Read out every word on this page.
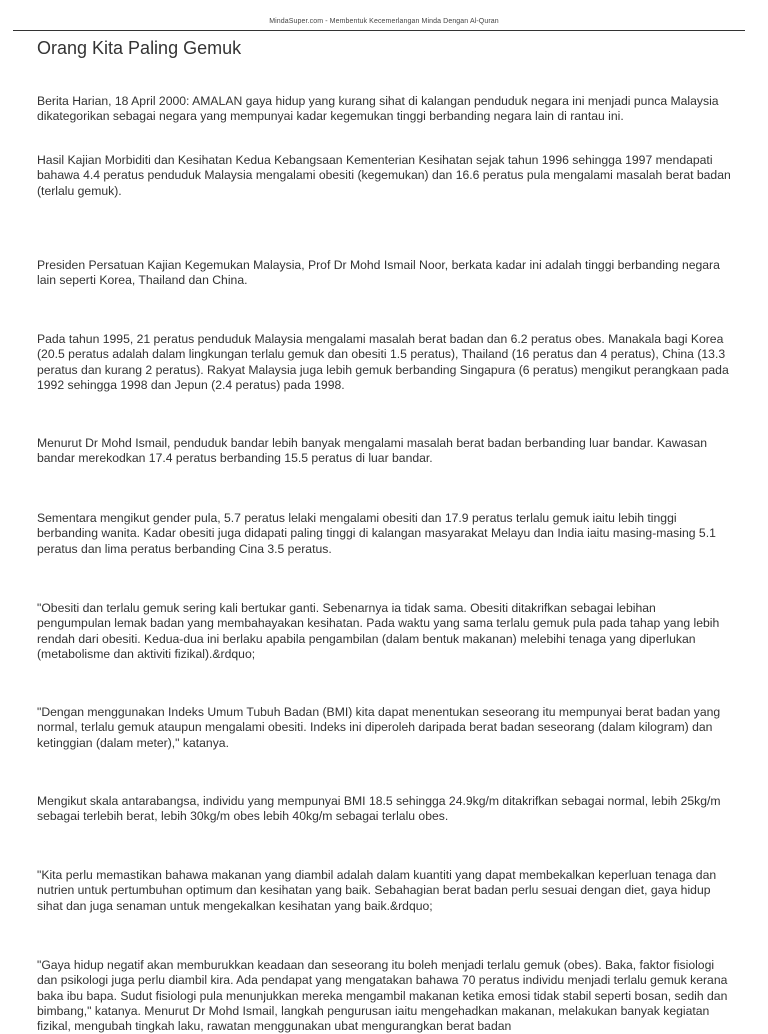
MindaSuper.com - Membentuk Kecemerlangan Minda Dengan Al-Quran
Orang Kita Paling Gemuk

Berita Harian, 18 April 2000: AMALAN gaya hidup yang kurang sihat di kalangan penduduk negara ini menjadi punca Malaysia dikategorikan sebagai negara yang mempunyai kadar kegemukan tinggi berbanding negara lain di rantau ini.

Hasil Kajian Morbiditi dan Kesihatan Kedua Kebangsaan Kementerian Kesihatan sejak tahun 1996 sehingga 1997 mendapati bahawa 4.4 peratus penduduk Malaysia mengalami obesiti (kegemukan) dan 16.6 peratus pula mengalami masalah berat badan (terlalu gemuk).

Presiden Persatuan Kajian Kegemukan Malaysia, Prof Dr Mohd Ismail Noor, berkata kadar ini adalah tinggi berbanding negara lain seperti Korea, Thailand dan China.

Pada tahun 1995, 21 peratus penduduk Malaysia mengalami masalah berat badan dan 6.2 peratus obes. Manakala bagi Korea (20.5 peratus adalah dalam lingkungan terlalu gemuk dan obesiti 1.5 peratus), Thailand (16 peratus dan 4 peratus), China (13.3 peratus dan kurang 2 peratus). Rakyat Malaysia juga lebih gemuk berbanding Singapura (6 peratus) mengikut perangkaan pada 1992 sehingga 1998 dan Jepun (2.4 peratus) pada 1998.

Menurut Dr Mohd Ismail, penduduk bandar lebih banyak mengalami masalah berat badan berbanding luar bandar. Kawasan bandar merekodkan 17.4 peratus berbanding 15.5 peratus di luar bandar.

Sementara mengikut gender pula, 5.7 peratus lelaki mengalami obesiti dan 17.9 peratus terlalu gemuk iaitu lebih tinggi berbanding wanita. Kadar obesiti juga didapati paling tinggi di kalangan masyarakat Melayu dan India iaitu masing-masing 5.1 peratus dan lima peratus berbanding Cina 3.5 peratus.

"Obesiti dan terlalu gemuk sering kali bertukar ganti. Sebenarnya ia tidak sama. Obesiti ditakrifkan sebagai lebihan pengumpulan lemak badan yang membahayakan kesihatan. Pada waktu yang sama terlalu gemuk pula pada tahap yang lebih rendah dari obesiti. Kedua-dua ini berlaku apabila pengambilan (dalam bentuk makanan) melebihi tenaga yang diperlukan (metabolisme dan aktiviti fizikal).&rdquo;

"Dengan menggunakan Indeks Umum Tubuh Badan (BMI) kita dapat menentukan seseorang itu mempunyai berat badan yang normal, terlalu gemuk ataupun mengalami obesiti. Indeks ini diperoleh daripada berat badan seseorang (dalam kilogram) dan ketinggian (dalam meter)," katanya.

Mengikut skala antarabangsa, individu yang mempunyai BMI 18.5 sehingga 24.9kg/m ditakrifkan sebagai normal, lebih 25kg/m sebagai terlebih berat, lebih 30kg/m obes lebih 40kg/m sebagai terlalu obes.

"Kita perlu memastikan bahawa makanan yang diambil adalah dalam kuantiti yang dapat membekalkan keperluan tenaga dan nutrien untuk pertumbuhan optimum dan kesihatan yang baik. Sebahagian berat badan perlu sesuai dengan diet, gaya hidup sihat dan juga senaman untuk mengekalkan kesihatan yang baik.&rdquo;

"Gaya hidup negatif akan memburukkan keadaan dan seseorang itu boleh menjadi terlalu gemuk (obes). Baka, faktor fisiologi dan psikologi juga perlu diambil kira. Ada pendapat yang mengatakan bahawa 70 peratus individu menjadi terlalu gemuk kerana baka ibu bapa. Sudut fisiologi pula menunjukkan mereka mengambil makanan ketika emosi tidak stabil seperti bosan, sedih dan bimbang," katanya. Menurut Dr Mohd Ismail, langkah pengurusan iaitu mengehadkan makanan, melakukan banyak kegiatan fizikal, mengubah tingkah laku, rawatan menggunakan ubat mengurangkan berat badan
